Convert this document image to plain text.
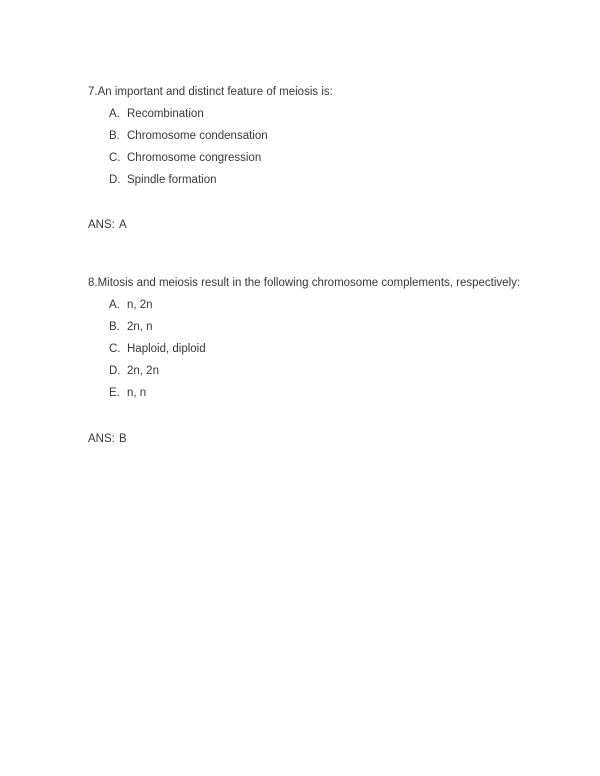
7.An important and distinct feature of meiosis is:

A. Recombination
B. Chromosome condensation
C. Chromosome congression
D. Spindle formation

ANS: A

8.Mitosis and meiosis result in the following chromosome complements, respectively:

A. n, 2n
B. 2n, n
C. Haploid, diploid
D. 2n, 2n
E. n, n

ANS: B
